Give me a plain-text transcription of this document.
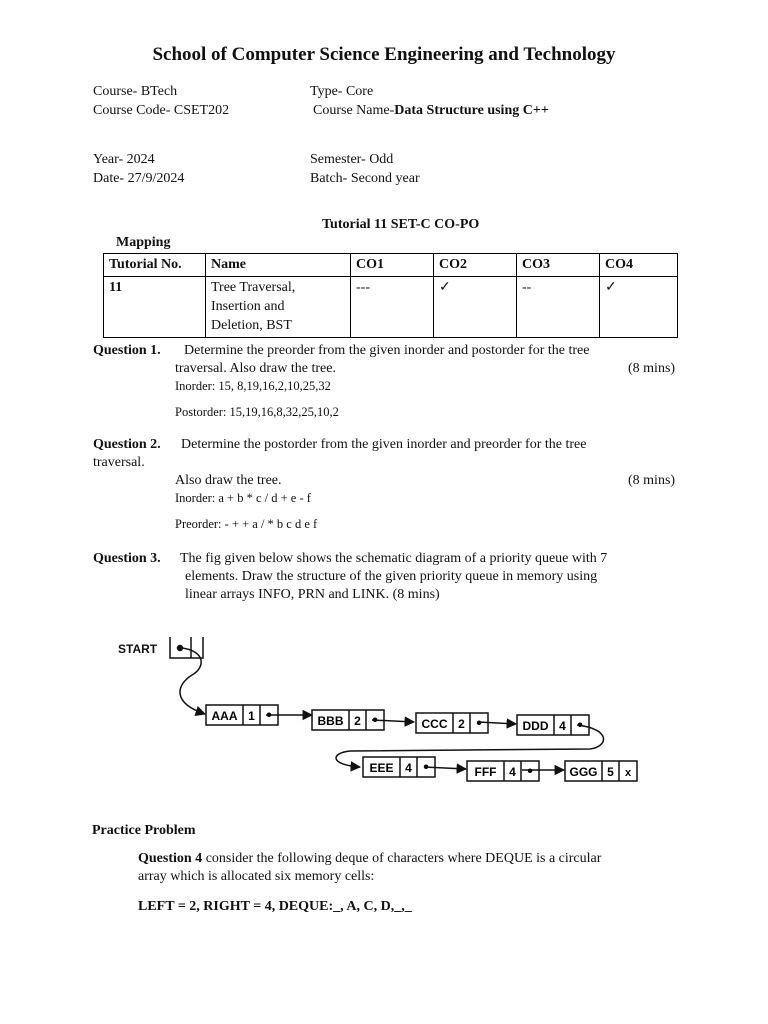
School of Computer Science Engineering and Technology
Course- BTech	Type- Core
Course Code- CSET202	Course Name-Data Structure using C++
Year- 2024	Semester- Odd
Date- 27/9/2024	Batch- Second year
Tutorial 11 SET-C CO-PO
Mapping
Tutorial No.	Name	CO1	CO2	CO3	CO4
11	Tree Traversal,
Insertion and
Deletion, BST	---	✓	--	✓
Question 1. Determine the preorder from the given inorder and postorder for the tree
traversal. Also draw the tree.	(8 mins)
Inorder: 15, 8,19,16,2,10,25,32
Postorder: 15,19,16,8,32,25,10,2
Question 2. Determine the postorder from the given inorder and preorder for the tree
traversal.
Also draw the tree.	(8 mins)
Inorder: a + b * c / d + e - f
Preorder: - + + a / * b c d e f
Question 3. The fig given below shows the schematic diagram of a priority queue with 7
elements. Draw the structure of the given priority queue in memory using
linear arrays INFO, PRN and LINK. (8 mins)
START
AAA 1 •	BBB 2 •	CCC 2 •	DDD 4 •
EEE 4 •	FFF 4 •	GGG 5 x
Practice Problem
Question 4 consider the following deque of characters where DEQUE is a circular
array which is allocated six memory cells:
LEFT = 2, RIGHT = 4, DEQUE:_, A, C, D,_,_
